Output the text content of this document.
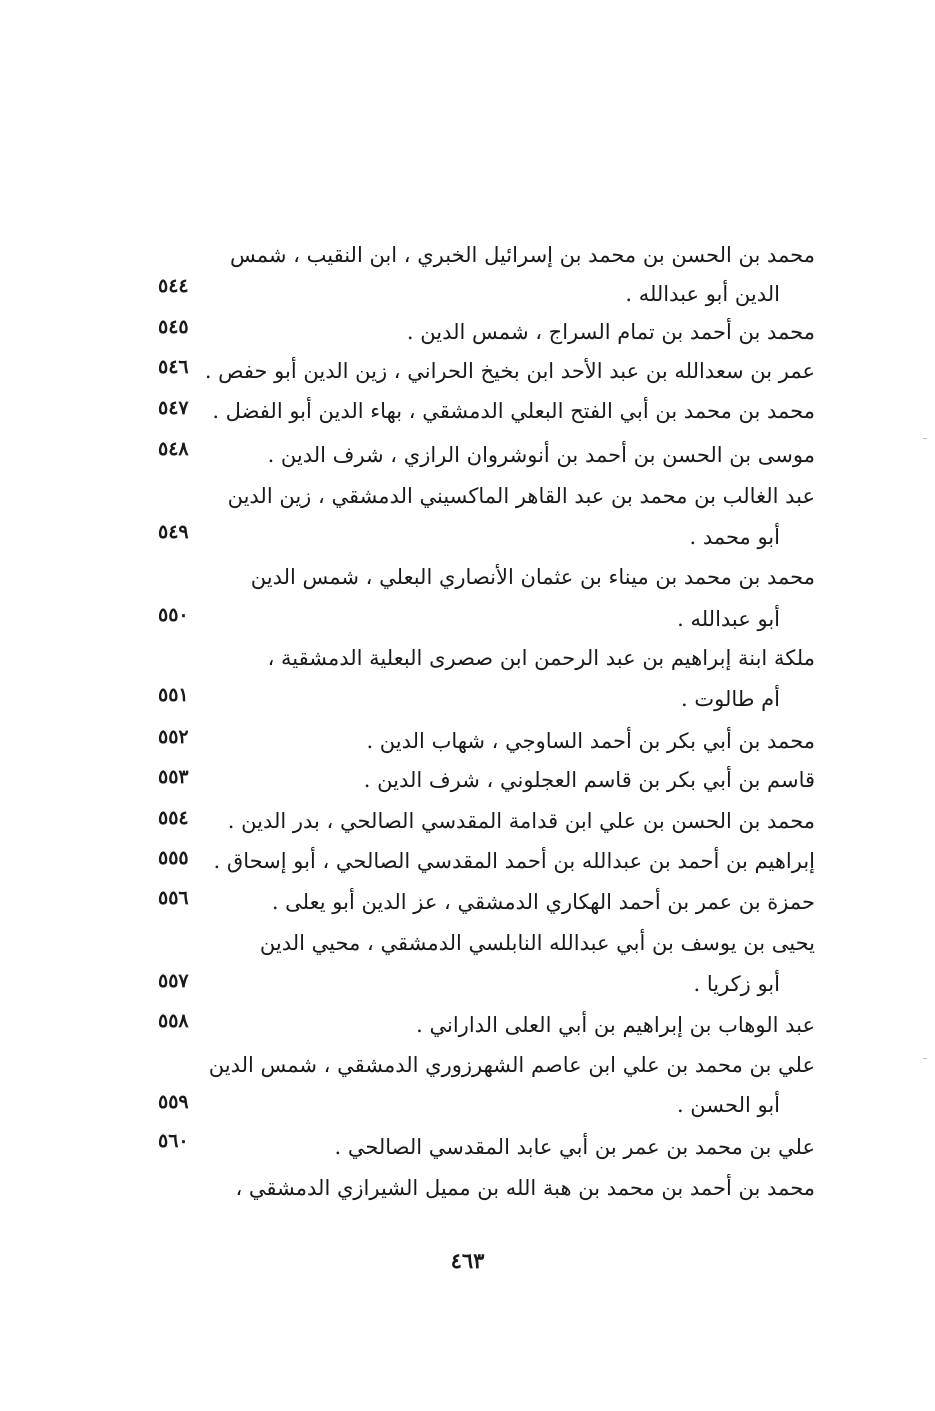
محمد بن الحسن بن محمد بن إسرائيل الخبري ، ابن النقيب ، شمس
الدين أبو عبدالله .
محمد بن أحمد بن تمام السراج ، شمس الدين .
عمر بن سعدالله بن عبد الأحد ابن بخيخ الحراني ، زين الدين أبو حفص .
محمد بن محمد بن أبي الفتح البعلي الدمشقي ، بهاء الدين أبو الفضل .
موسى بن الحسن بن أحمد بن أنوشروان الرازي ، شرف الدين .
عبد الغالب بن محمد بن عبد القاهر الماكسيني الدمشقي ، زين الدين
أبو محمد .
محمد بن محمد بن ميناء بن عثمان الأنصاري البعلي ، شمس الدين
أبو عبدالله .
ملكة ابنة إبراهيم بن عبد الرحمن ابن صصرى البعلية الدمشقية ،
أم طالوت .
محمد بن أبي بكر بن أحمد الساوجي ، شهاب الدين .
قاسم بن أبي بكر بن قاسم العجلوني ، شرف الدين .
محمد بن الحسن بن علي ابن قدامة المقدسي الصالحي ، بدر الدين .
إبراهيم بن أحمد بن عبدالله بن أحمد المقدسي الصالحي ، أبو إسحاق .
حمزة بن عمر بن أحمد الهكاري الدمشقي ، عز الدين أبو يعلى .
يحيى بن يوسف بن أبي عبدالله النابلسي الدمشقي ، محيي الدين
أبو زكريا .
عبد الوهاب بن إبراهيم بن أبي العلى الداراني .
علي بن محمد بن علي ابن عاصم الشهرزوري الدمشقي ، شمس الدين
أبو الحسن .
علي بن محمد بن عمر بن أبي عابد المقدسي الصالحي .
محمد بن أحمد بن محمد بن هبة الله بن مميل الشيرازي الدمشقي ،
٥٤٤
٥٤٥
٥٤٦
٥٤٧
٥٤٨
٥٤٩
٥٥٠
٥٥١
٥٥٢
٥٥٣
٥٥٤
٥٥٥
٥٥٦
٥٥٧
٥٥٨
٥٥٩
٥٦٠
٤٦٣
